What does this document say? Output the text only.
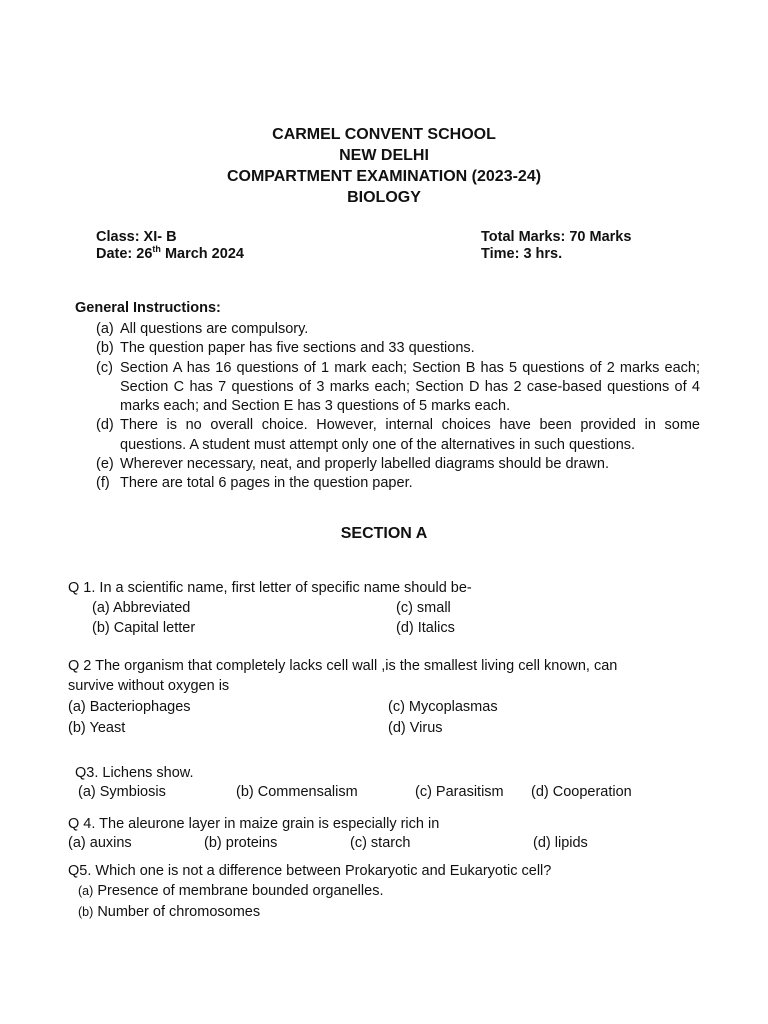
CARMEL CONVENT SCHOOL
NEW DELHI
COMPARTMENT EXAMINATION (2023-24)
BIOLOGY
Class: XI- B
Date: 26th March 2024
Total Marks: 70 Marks
Time: 3 hrs.
General Instructions:
(a) All questions are compulsory.
(b) The question paper has five sections and 33 questions.
(c) Section A has 16 questions of 1 mark each; Section B has 5 questions of 2 marks each; Section C has 7 questions of 3 marks each; Section D has 2 case-based questions of 4 marks each; and Section E has 3 questions of 5 marks each.
(d) There is no overall choice. However, internal choices have been provided in some questions. A student must attempt only one of the alternatives in such questions.
(e) Wherever necessary, neat, and properly labelled diagrams should be drawn.
(f) There are total 6 pages in the question paper.
SECTION A
Q 1. In a scientific name, first letter of specific name should be-
(a) Abbreviated	(c) small
(b) Capital letter	(d) Italics
Q 2 The organism that completely lacks cell wall ,is the smallest living cell known, can survive without oxygen is
(a) Bacteriophages	(c) Mycoplasmas
(b) Yeast	(d) Virus
Q3. Lichens show.
(a) Symbiosis	(b) Commensalism	(c) Parasitism (d) Cooperation
Q 4. The aleurone layer in maize grain is especially rich in
(a) auxins	(b) proteins	(c) starch	(d) lipids
Q5. Which one is not a difference between Prokaryotic and Eukaryotic cell?
(a) Presence of membrane bounded organelles.
(b) Number of chromosomes
